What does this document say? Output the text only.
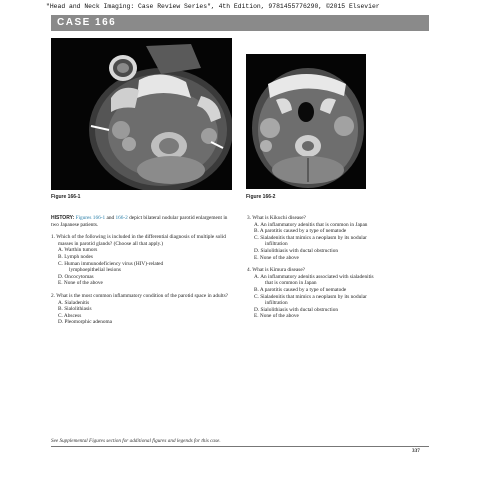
"Head and Neck Imaging: Case Review Series", 4th Edition, 9781455776290, ©2015 Elsevier
CASE 166
Figure 166-1	Figure 166-2
HISTORY: Figures 166-1 and 166-2 depict bilateral nodular parotid enlargement in two Japanese patients.
1. Which of the following is included in the differential diagnosis of multiple solid masses in parotid glands? (Choose all that apply.)
A. Warthin tumors
B. Lymph nodes
C. Human immunodeficiency virus (HIV)-related
lymphoepithelial lesions
D. Oncocytomas
E. None of the above
2. What is the most common inflammatory condition of the parotid space in adults?
A. Sialadenitis
B. Sialolithiasis
C. Abscess
D. Pleomorphic adenoma
3. What is Kikuchi disease?
A. An inflammatory adenitis that is common in Japan
B. A parotitis caused by a type of nematode
C. Sialadenitis that mimics a neoplasm by its nodular
infiltration
D. Sialolithiasis with ductal obstruction
E. None of the above
4. What is Kimura disease?
A. An inflammatory adenitis associated with sialadenitis
that is common in Japan
B. A parotitis caused by a type of nematode
C. Sialadenitis that mimics a neoplasm by its nodular
infiltration
D. Sialolithiasis with ductal obstruction
E. None of the above
See Supplemental Figures section for additional figures and legends for this case.
337
